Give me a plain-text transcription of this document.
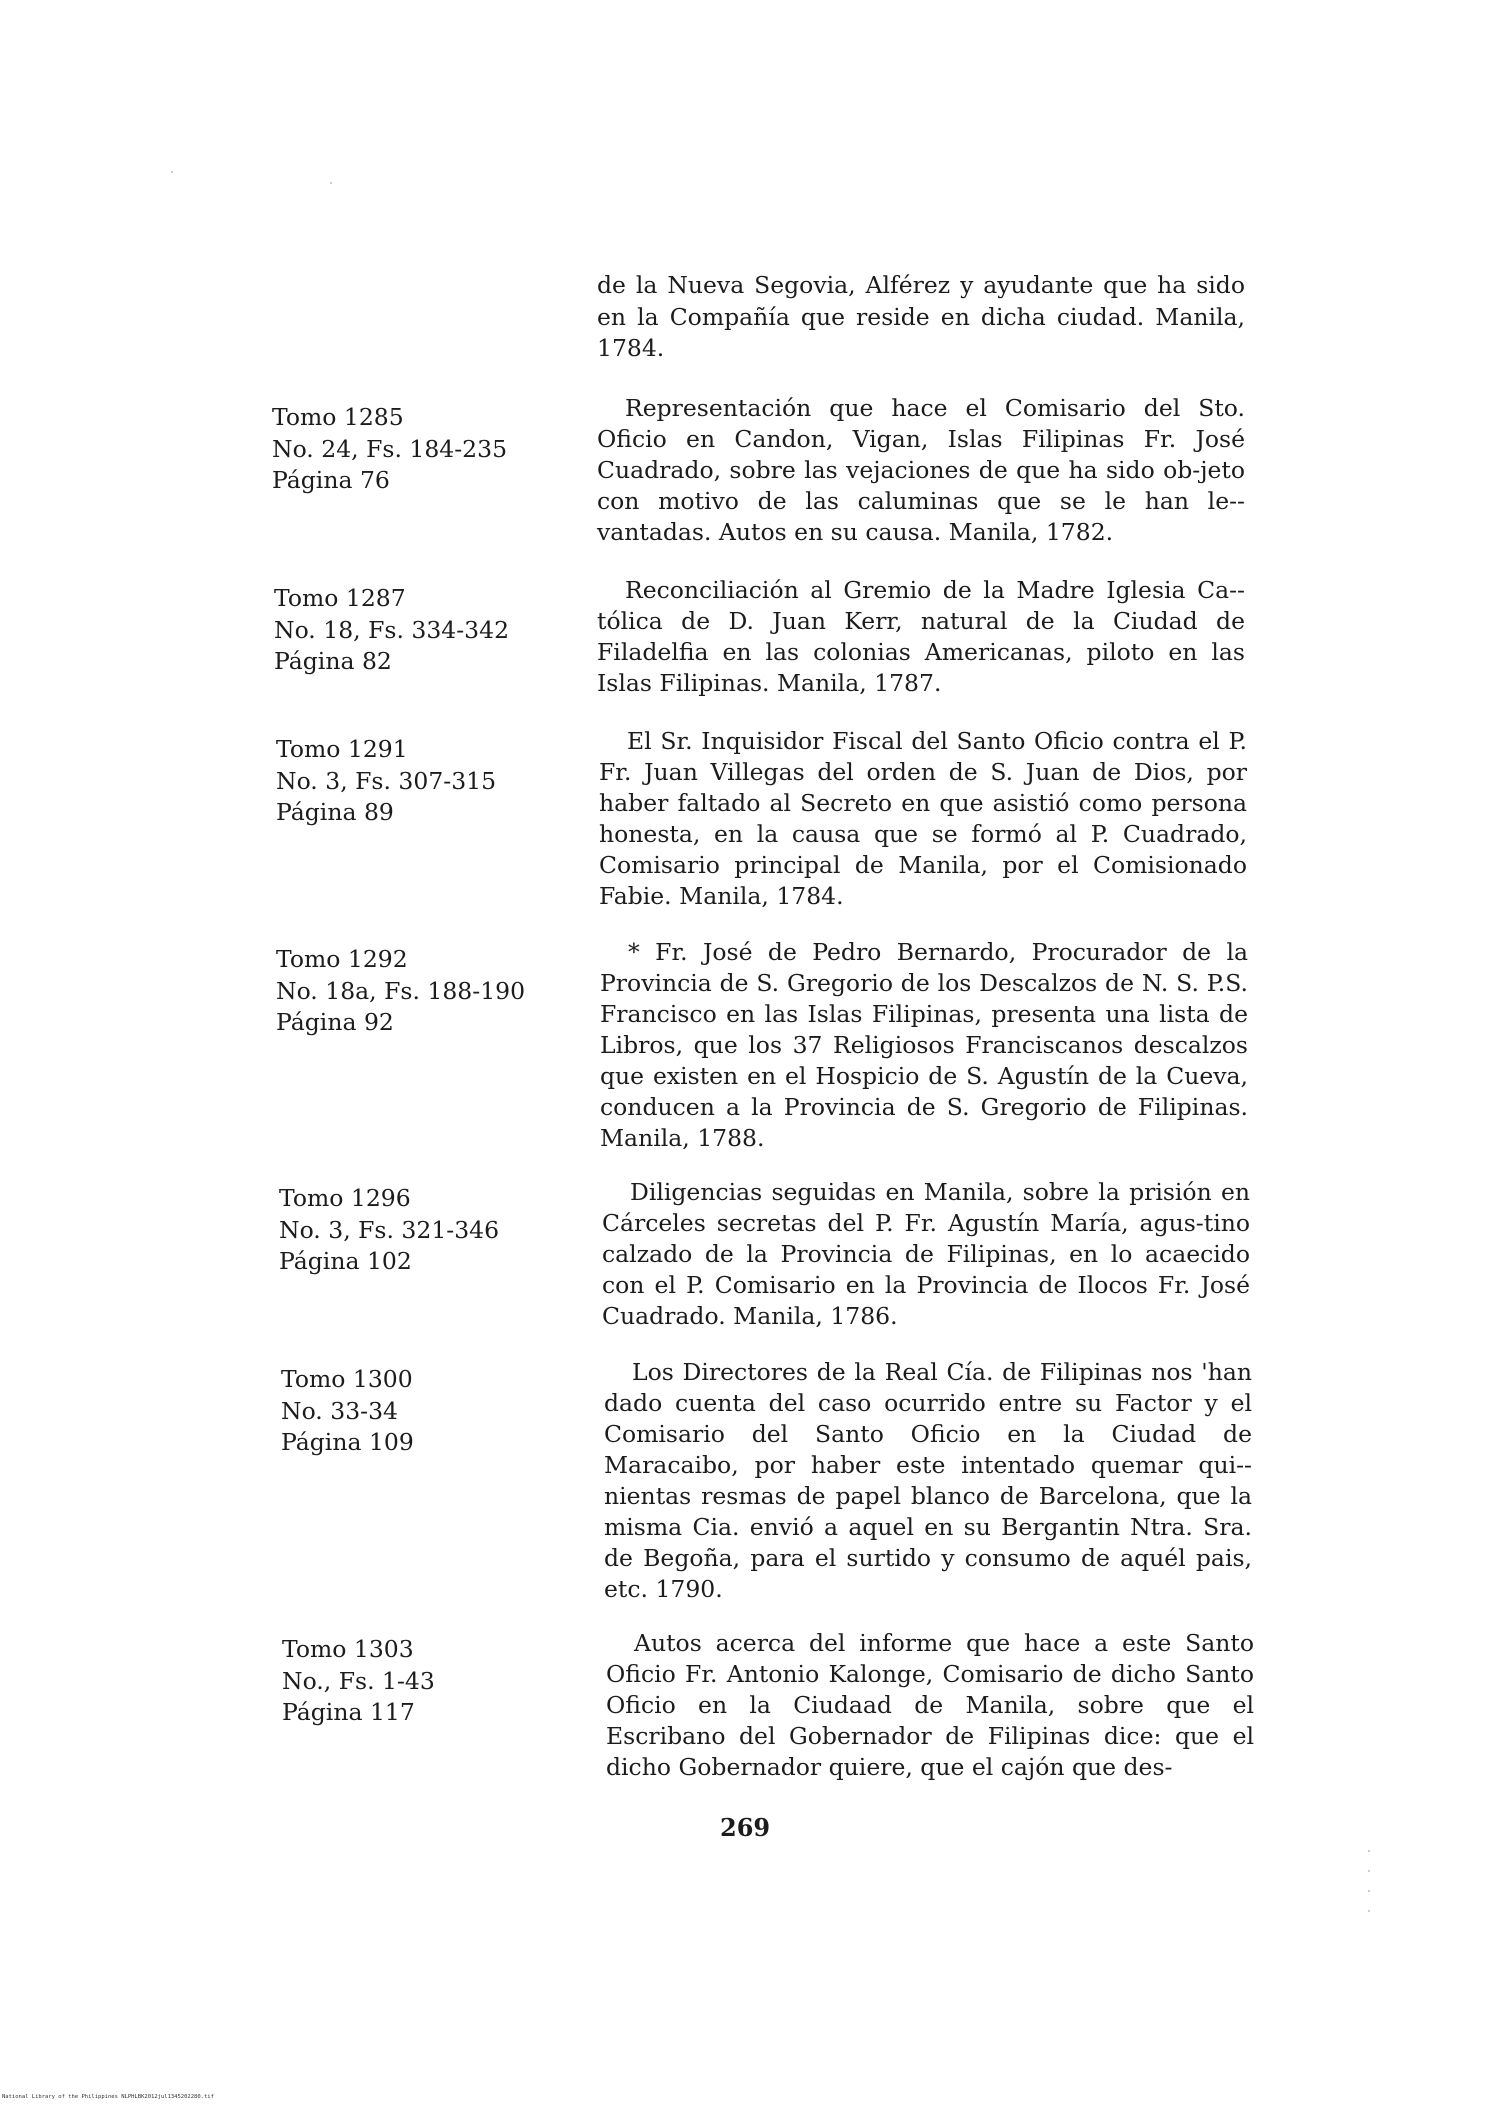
de la Nueva Segovia, Alférez y ayudante que ha sido en la Compañía que reside en dicha ciudad. Manila, 1784.
Tomo 1285
No. 24, Fs. 184-235
Página 76
Representación que hace el Comisario del Sto. Oficio en Candon, Vigan, Islas Filipinas Fr. José Cuadrado, sobre las vejaciones de que ha sido ob-jeto con motivo de las caluminas que se le han le-vantadas. Autos en su causa. Manila, 1782.
Tomo 1287
No. 18, Fs. 334-342
Página 82
Reconciliación al Gremio de la Madre Iglesia Ca-tólica de D. Juan Kerr, natural de la Ciudad de Filadelfia en las colonias Americanas, piloto en las Islas Filipinas. Manila, 1787.
Tomo 1291
No. 3, Fs. 307-315
Página 89
El Sr. Inquisidor Fiscal del Santo Oficio contra el P. Fr. Juan Villegas del orden de S. Juan de Dios, por haber faltado al Secreto en que asistió como persona honesta, en la causa que se formó al P. Cuadrado, Comisario principal de Manila, por el Comisionado Fabie. Manila, 1784.
Tomo 1292
No. 18a, Fs. 188-190
Página 92
* Fr. José de Pedro Bernardo, Procurador de la Provincia de S. Gregorio de los Descalzos de N. S. P.S. Francisco en las Islas Filipinas, presenta una lista de Libros, que los 37 Religiosos Franciscanos descalzos que existen en el Hospicio de S. Agustín de la Cueva, conducen a la Provincia de S. Gregorio de Filipinas. Manila, 1788.
Tomo 1296
No. 3, Fs. 321-346
Página 102
Diligencias seguidas en Manila, sobre la prisión en Cárceles secretas del P. Fr. Agustín María, agus-tino calzado de la Provincia de Filipinas, en lo acaecido con el P. Comisario en la Provincia de Ilocos Fr. José Cuadrado. Manila, 1786.
Tomo 1300
No. 33-34
Página 109
Los Directores de la Real Cía. de Filipinas nos 'han dado cuenta del caso ocurrido entre su Factor y el Comisario del Santo Oficio en la Ciudad de Maracaibo, por haber este intentado quemar qui-nientas resmas de papel blanco de Barcelona, que la misma Cia. envió a aquel en su Bergantin Ntra. Sra. de Begoña, para el surtido y consumo de aquél pais, etc. 1790.
Tomo 1303
No., Fs. 1-43
Página 117
Autos acerca del informe que hace a este Santo Oficio Fr. Antonio Kalonge, Comisario de dicho Santo Oficio en la Ciudaad de Manila, sobre que el Escribano del Gobernador de Filipinas dice: que el dicho Gobernador quiere, que el cajón que des-
269
National Library of the Philippines NLPHLBK2012jul1345202280.tif
